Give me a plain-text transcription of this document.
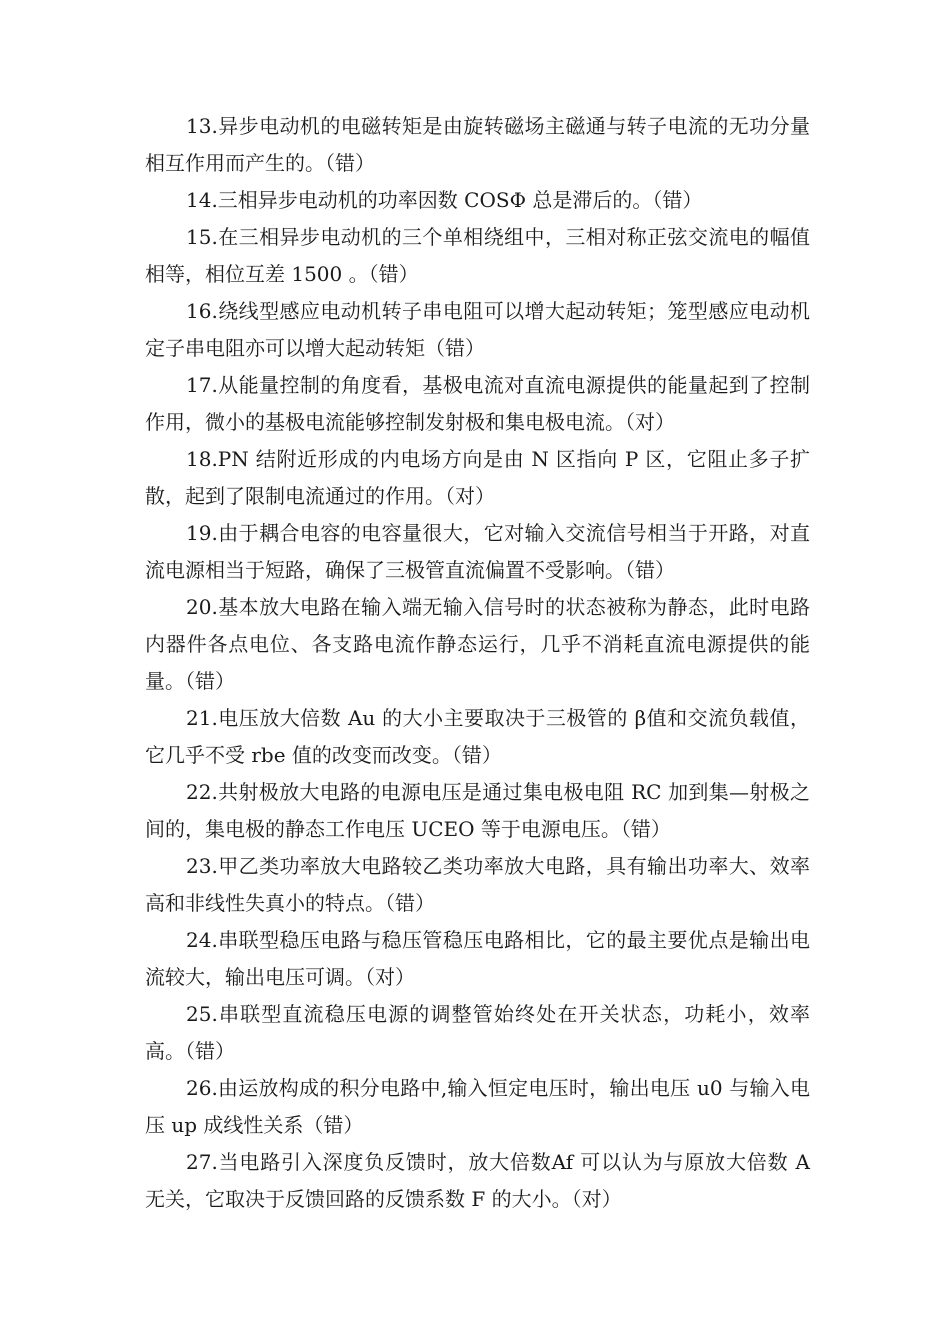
13.异步电动机的电磁转矩是由旋转磁场主磁通与转子电流的无功分量相互作用而产生的。（错）

14.三相异步电动机的功率因数 COSΦ 总是滞后的。（错）

15.在三相异步电动机的三个单相绕组中，三相对称正弦交流电的幅值相等，相位互差 1500 。（错）

16.绕线型感应电动机转子串电阻可以增大起动转矩；笼型感应电动机定子串电阻亦可以增大起动转矩（错）

17.从能量控制的角度看，基极电流对直流电源提供的能量起到了控制作用，微小的基极电流能够控制发射极和集电极电流。（对）

18.PN 结附近形成的内电场方向是由 N 区指向 P 区，它阻止多子扩散，起到了限制电流通过的作用。（对）

19.由于耦合电容的电容量很大，它对输入交流信号相当于开路，对直流电源相当于短路，确保了三极管直流偏置不受影响。（错）

20.基本放大电路在输入端无输入信号时的状态被称为静态，此时电路内器件各点电位、各支路电流作静态运行，几乎不消耗直流电源提供的能量。（错）

21.电压放大倍数 Au 的大小主要取决于三极管的 β值和交流负载值，它几乎不受 rbe 值的改变而改变。（错）

22.共射极放大电路的电源电压是通过集电极电阻 RC 加到集—射极之间的，集电极的静态工作电压 UCEO 等于电源电压。（错）

23.甲乙类功率放大电路较乙类功率放大电路，具有输出功率大、效率高和非线性失真小的特点。（错）

24.串联型稳压电路与稳压管稳压电路相比，它的最主要优点是输出电流较大，输出电压可调。（对）

25.串联型直流稳压电源的调整管始终处在开关状态，功耗小，效率高。（错）

26.由运放构成的积分电路中,输入恒定电压时，输出电压 u0 与输入电压 up 成线性关系（错）

27.当电路引入深度负反馈时，放大倍数Af 可以认为与原放大倍数 A 无关，它取决于反馈回路的反馈系数 F 的大小。（对）
